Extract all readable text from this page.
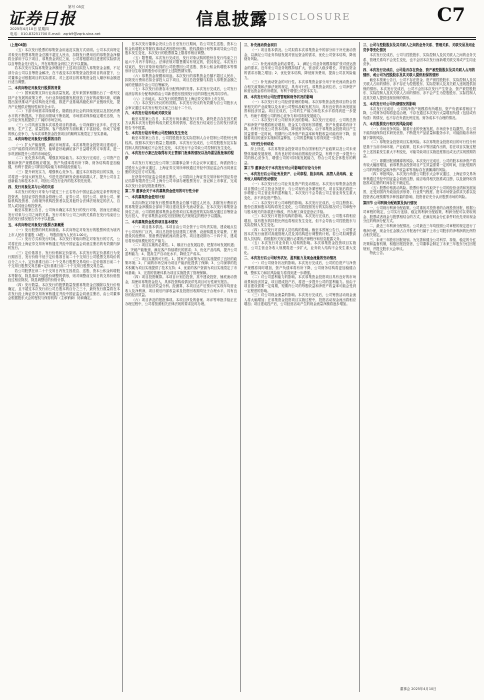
证券日报
第号 05页
2025年4月10日 星期四
电话：010-83251700 E-mail：zqrb9@zqrb.sina.net
信息披露 DISCLOSURE	C7
（上接C6版）

（五）本次发行股票的募集资金用途及实施方式说明。公司本次向特定对象发行股票募集资金总额不超过人民币，扣除发行费用后的募集资金净额将全部用于以下项目，募集资金到位之前，公司将根据项目进度的实际情况以自筹资金先行投入，并在募集资金到位之后予以置换。

若本次发行实际募集资金净额低于上述项目拟投入募集资金金额，不足部分由公司以自筹资金解决，在不改变本次募集资金投资项目的前提下，公司董事会可根据项目的实际需求，对上述项目的募集资金投入顺序和金额进行适当调整。

二、本次向特定对象发行股票的背景

（一）国家政策支持行业高质量发展。近年来国家相继出台了一系列支持产业发展的政策文件，为行业持续健康发展创造了良好的政策环境，明确提出加快推动产业结构优化升级，推进产业基础高级化和产业链现代化，提升产业链供应链韧性和安全水平。

（二）下游市场需求持续增长。随着经济社会的持续发展以及居民消费水平的不断提高，下游应用领域不断拓展，市场需求保持稳定增长态势，为公司业务发展提供了广阔的市场空间。

（三）公司具备实施本次募投项目的基础。公司深耕行业多年，在技术研发、生产工艺、质量控制、客户资源等方面积累了丰富经验，形成了较强的核心竞争力，为本次募集资金投资项目的顺利实施奠定了坚实基础。

三、本次向特定对象发行股票的目的

（一）扩大产能规模，满足市场需求。本次募集资金投资项目建成后，公司产能将得到有效提升，能够更好地满足客户日益增长的订单需求，进一步巩固和提升公司的市场地位。

（二）优化资本结构，增强抗风险能力。本次发行完成后，公司资产总额和净资产规模将相应增加，资产负债率将有所下降，财务结构将更加稳健，有利于提高公司的抗风险能力和持续经营能力。

（三）提升研发实力，增强核心竞争力。通过本次募投项目的实施，公司将进一步加大研发投入，引进先进的研发设备和高端人才，提升公司自主创新能力和技术水平，巩固公司在行业内的技术领先优势。

四、发行对象及其与公司的关系

本次发行的发行对象为不超过三十五名符合中国证监会规定条件的特定投资者，包括证券投资基金管理公司、证券公司、信托公司、财务公司、保险机构投资者、合格境外机构投资者以及其他符合法律法规规定的法人、自然人或其他合格投资者。

截至本预案公告日，公司尚未确定本次发行的发行对象，因而无法确定发行对象与公司之间的关系。发行对象与公司之间的关系将在发行结束后公告的发行情况报告书中予以披露。

五、本次向特定对象发行股票方案概要

（一）发行股票的种类和面值。本次向特定对象发行的股票种类为境内上市人民币普通股（A股），每股面值为人民币1.00元。

（二）发行方式和发行时间。本次发行采取向特定对象发行的方式，公司将在经上海证券交易所审核通过并经中国证监会同意注册后的有效期内择机发行。

（三）定价基准日、发行价格和定价原则。本次发行的定价基准日为发行期首日，发行价格不低于定价基准日前二十个交易日公司股票交易均价的百分之八十。定价基准日前二十个交易日股票交易均价＝定价基准日前二十个交易日股票交易总额÷定价基准日前二十个交易日股票交易总量。

若公司股票在该二十个交易日内发生因派息、送股、资本公积金转增股本等除权、除息事项引起股价调整的情形，则对调整前交易日的交易价格按经过相应除权、除息调整后的价格计算。

（四）发行数量。本次发行的股票数量按照募集资金总额除以发行价格确定，且不超过本次发行前公司总股本的百分之三十，最终发行数量将在本次发行经上海证券交易所审核通过并经中国证监会同意注册后，由公司董事会根据股东大会的授权与保荐机构（主承销商）协商确定。

在本次发行董事会决议公告日至发行日期间，若公司发生送股、资本公积金转增股本等除权事项或者因股份回购、股权激励计划等事项导致公司总股本发生变化，本次发行的股票数量上限将作相应调整。

（五）限售期。本次发行完成后，发行对象认购的股份自发行结束之日起六个月内不得转让。法律法规对限售期另有规定的，依其规定。本次发行结束后，发行对象所取得的公司股票因公司送股、资本公积金转增股本等情形所衍生取得的股份亦应遵守上述限售期安排。

（六）募集资金规模和用途。本次发行的募集资金总额不超过人民币，扣除发行费用后拟全部投入以下项目，项目总投资额与拟投入募集资金额之间的差额部分由公司自筹解决。

（七）本次发行前滚存未分配利润的安排。本次发行完成后，公司发行前滚存的未分配利润将由公司新老股东按照发行后的持股比例共同享有。

（八）上市地点。本次发行的股票将在上海证券交易所上市交易。

（九）本次发行决议的有效期。本次发行决议的有效期为自公司股东大会审议通过本次发行相关议案之日起十二个月。

六、本次发行是否构成关联交易

截至本预案公告日，本次发行尚未确定发行对象，最终是否存在因关联方认购本次发行股份构成关联交易的情形，将在发行结束后公告的发行情况报告书中披露。

七、本次发行是否导致公司控制权发生变化

截至本预案公告日，公司控股股东及实际控制人合计控制公司股份比例较高。按照本次发行数量上限测算，本次发行完成后，公司控股股东及实际控制人的控制地位不会发生变化，本次发行不会导致公司控制权发生变化。

八、本次发行方案已经取得有关主管部门批准的情况以及尚需呈报批准的程序

本次发行方案已经公司第三届董事会第十次会议审议通过，尚需获得公司股东大会审议通过、上海证券交易所审核通过并经中国证监会作出同意注册的决定后方可实施。

在获得中国证监会同意注册后，公司将向上海证券交易所和中国证券登记结算有限责任公司上海分公司申请办理股票发行、登记和上市事宜，完成本次发行全部呈报批准程序。

第二节 董事会关于本次募集资金使用的可行性分析
一、本次募集资金使用计划

本次向特定对象发行股票募集资金总额不超过人民币，扣除发行费用后的募集资金净额拟全部用于项目建设及补充流动资金。在本次发行募集资金到位之前，公司将根据募集资金投资项目实施进度的实际情况通过自筹资金先行投入，并在募集资金到位后按照相关法规规定的程序予以置换。

二、本次募集资金投资项目基本情况

（一）项目基本情况。本项目由公司全资子公司负责实施，建设地点位于公司现有厂区内，项目总投资包括建筑工程费、设备购置及安装费、工程建设其他费用、预备费及铺底流动资金等。项目建设期为二十四个月，建成后将形成规模化的生产能力。

（二）项目实施的必要性。1、顺应行业发展趋势，把握市场发展机遇；2、突破产能瓶颈，满足客户持续增长的需求；3、优化产品结构，提升公司盈利能力；4、提高生产自动化水平，降低生产成本。

（三）项目实施的可行性。1、国家产业政策为项目实施提供了良好的政策环境；2、广阔的市场空间为项目产能消化提供了保障；3、公司深厚的技术积累为项目实施提供了技术支持；4、优质的客户资源为项目实施奠定了市场基础；5、完善的管理体系为项目实施提供了管理保障。

（四）项目投资概算。本项目计划总投资，其中建设投资，铺底流动资金，拟使用募集资金投入，具体投资构成情况详见项目可行性研究报告。

（五）项目经济效益分析。经测算，本项目达产后预计可实现年均营业收入及净利润，项目税后内部收益率及投资回收期均处于合理水平，具有良好的经济效益。

（六）项目涉及的报批事项。本项目涉及的备案、环评等审批手续正在办理过程中，公司将按照相关法律法规的要求及时办理。

三、补充流动资金项目

（一）项目基本情况。公司拟将本次募集资金中的部分用于补充流动资金，以满足公司业务持续发展对营运资金的需求，优化公司资本结构，降低财务风险。

（二）补充流动资金的必要性。1、满足公司业务规模持续扩张对营运资金的需求。近年来公司业务规模持续扩大，营业收入稳步增长，对营运资金的需求亦随之增加；2、优化资本结构，降低财务费用，提高公司抗风险能力。

（三）补充流动资金的可行性。本次募集资金部分用于补充流动资金符合相关政策和法律法规的规定，具有可行性。募集资金到位后，公司净资产和营运资金将有所增加，有利于增强公司资本实力。

四、本次发行对公司经营管理和财务状况的影响

（一）本次发行对公司经营管理的影响。本次募集资金投资项目符合国家相关的产业政策以及未来公司整体战略发展方向，具有良好的市场发展前景和经济效益。项目完成后，公司的生产能力和技术水平将得到进一步提升，有助于增强公司的核心竞争力和可持续发展能力。

（二）本次发行对公司财务状况的影响。本次发行完成后，公司的总资产和净资产规模将相应增加，资金实力得到有效增强，资产负债率将有所下降，有利于优化公司资本结构，降低财务风险。由于募集资金投资项目产生效益需要一定时间，短期内公司净资产收益率和每股收益可能有所下降，但随着项目的逐步实施和效益释放，公司的盈利能力将得到进一步提升。

五、可行性分析结论

综上所述，本次募集资金投资项目符合国家相关产业政策以及公司未来整体战略发展规划，具有良好的市场前景和经济效益，有利于进一步提升公司的核心竞争力，增强公司的可持续发展能力，符合公司及全体股东的利益。

第三节 董事会关于本次发行对公司影响的讨论与分析
一、本次发行后公司业务及资产、公司章程、股东结构、高管人员结构、业务收入结构的变动情况

（一）本次发行后公司业务及资产的变动情况。本次发行募集资金投资项目围绕公司主营业务展开，与公司现有业务紧密相关，项目实施后将进一步增强公司主营业务的盈利能力，本次发行不会导致公司主营业务发生重大变化，亦不涉及资产整合。

（二）本次发行对公司章程的影响。本次发行完成后，公司注册资本、股份总数和股本结构将发生变化，公司将按照发行的实际情况对公司章程中与股本相关的条款进行修改，并办理工商变更登记手续。

（三）本次发行对股东结构的影响。本次发行完成后，公司股本将相应增加，原有股东的持股比例也将相应发生变化，但不会导致公司控股股东与实际控制人发生变化。

（四）本次发行对高管人员结构的影响。截至本预案公告日，公司暂无因本次发行而需对高级管理人员及其结构进行调整的计划。若公司拟调整高管人员结构，将根据有关规定履行必要的法律程序和信息披露义务。

（五）本次发行对业务收入结构的影响。本次募集资金投资项目实施后，公司主营业务收入规模将进一步扩大，业务收入结构不会发生重大变化。

二、本次发行后公司财务状况、盈利能力及现金流量的变动情况

（一）对公司财务状况的影响。本次发行完成后，公司的总资产与净资产规模将同时增加，资产负债率将有所下降，公司财务结构将更加稳健合理，整体实力和抗风险能力将得到进一步增强。

（二）对公司盈利能力的影响。本次募集资金投资项目具有良好的市场前景和经济效益，项目建成投产后，将进一步提升公司的盈利能力。但由于项目建设需要一定周期，短期内公司的每股收益和净资产收益率可能会受到一定程度的影响。

（三）对公司现金流量的影响。本次发行完成后，公司筹资活动现金流入将大幅增加；在募集资金投资项目实施过程中，投资活动现金流出将相应增加；项目建成投产后，公司经营活动产生的现金流量净额将逐步增加。

三、公司与控股股东及其关联人之间的业务关系、管理关系、关联交易及同业竞争等变化情况

本次发行完成后，公司与控股股东、实际控制人及其关联人之间的业务关系、管理关系均不会发生变化，也不会因本次发行而新增关联交易或产生同业竞争。

四、本次发行完成后，公司是否存在资金、资产被控股股东及其关联人占用的情形，或公司为控股股东及其关联人提供担保的情形

截至本预案公告日，公司不存在资金、资产被控股股东、实际控制人及其关联人占用的情形，亦不存在为控股股东、实际控制人及其关联人违规提供担保的情形。本次发行完成后，公司不会因本次发行产生资金、资产被控股股东、实际控制人及其关联人占用的情形，亦不会产生为控股股东、实际控制人及其关联人提供违规担保的情形。

五、本次发行对公司负债情况的影响

本次发行完成后，公司的净资产规模将有所增加，资产负债率将相应下降，公司财务结构将更趋合理，不存在通过本次发行大量增加负债（包括或有负债）的情况，也不存在负债比例过低、财务成本不合理的情况。

六、本次股票发行相关的风险说明

（一）市场竞争风险。随着行业的快速发展，市场竞争日趋激烈，若公司不能持续保持技术研发优势、不断提升产品质量和服务水平，可能面临市场份额下降的风险。

（二）募集资金投资项目实施风险。本次募集资金投资项目的可行性分析是基于当前市场环境、产业政策、技术水平等因素作出的，若在项目实施过程中上述因素发生重大不利变化，可能导致项目实施进度推迟或无法实现预期效益。

（三）即期回报被摊薄的风险。本次发行完成后，公司的股本和净资产将有较大幅度增加，而募集资金投资项目产生效益需要一定的时间，因此短期内公司的每股收益和净资产收益率等指标存在被摊薄的风险。

（四）审批风险。本次发行尚需公司股东大会审议通过、上海证券交易所审核通过并经中国证监会同意注册，能否取得相关批准或注册，以及最终取得批准或注册的时间存在不确定性。

（五）股票价格波动风险。股票价格不仅取决于公司的经营业绩和发展前景，还受到国内外政治经济形势、行业景气程度、资本市场资金供求关系以及投资者心理预期等多种因素的影响，投资者应充分认识股票市场的风险。

第四节 公司利润分配政策及执行情况

一、公司现行利润分配政策。公司重视对投资者的合理投资回报，根据公司章程的规定，公司实行连续、稳定的利润分配政策，利润分配可以采取现金、股票或者现金与股票相结合的方式，在满足现金分红条件时优先采用现金分红的利润分配方式。

二、最近三年利润分配情况。公司最近三年均按照公司章程的规定进行了利润分配，现金分红金额占合并报表中归属于上市公司股东的净利润的比例符合相关规定。

三、未来三年股东回报规划。为完善和健全公司科学、持续、稳定的分红决策和监督机制，积极回报投资者，公司董事会制定了未来三年股东分红回报规划，并提交股东大会审议。

特此公告。

董事会 2025年4月10日
